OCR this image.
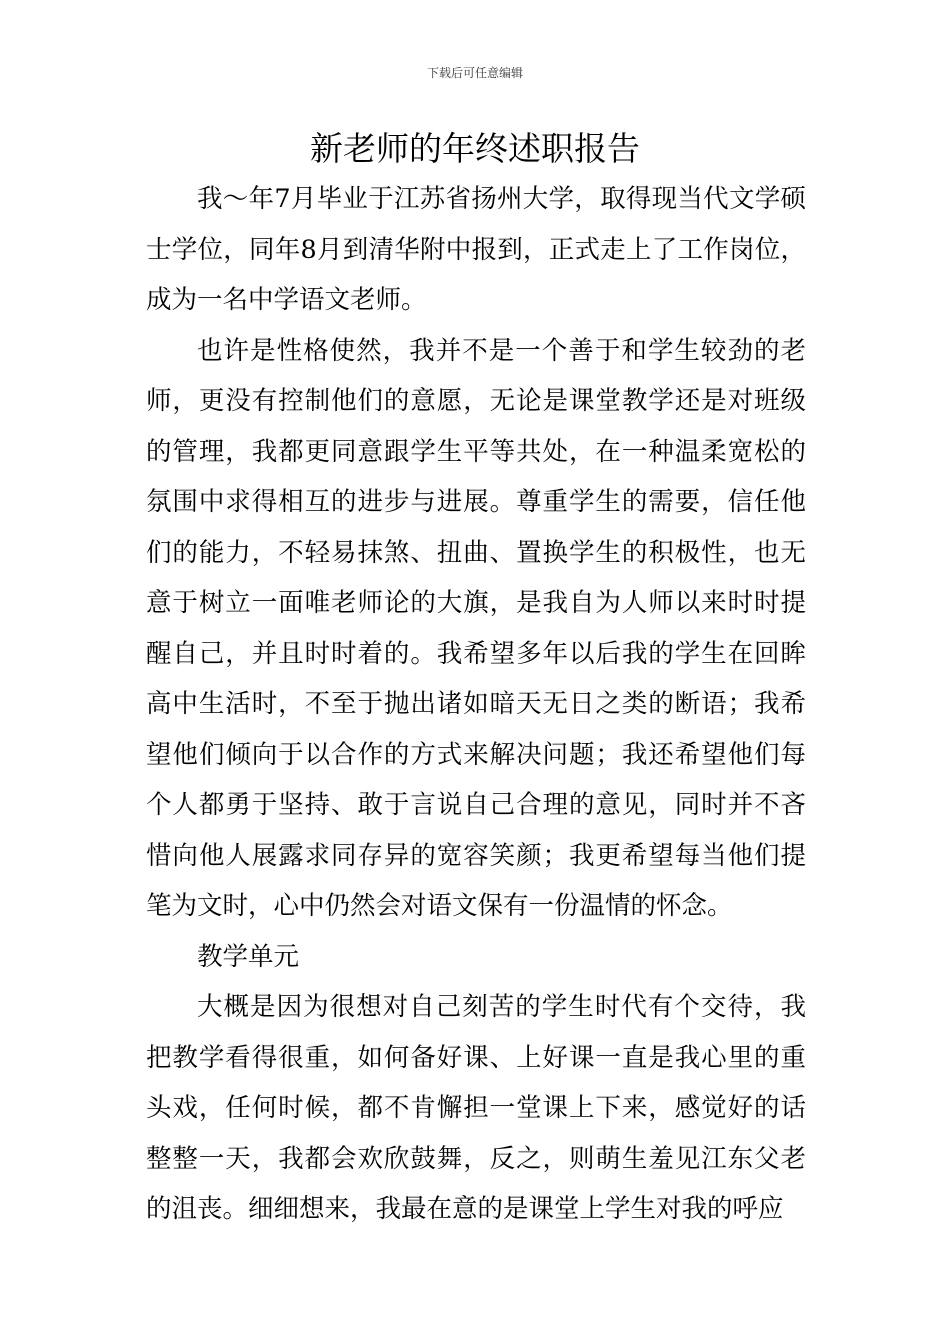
下载后可任意编辑
新老师的年终述职报告

我～年7月毕业于江苏省扬州大学，取得现当代文学硕士学位，同年8月到清华附中报到，正式走上了工作岗位，成为一名中学语文老师。

也许是性格使然，我并不是一个善于和学生较劲的老师，更没有控制他们的意愿，无论是课堂教学还是对班级的管理，我都更同意跟学生平等共处，在一种温柔宽松的氛围中求得相互的进步与进展。尊重学生的需要，信任他们的能力，不轻易抹煞、扭曲、置换学生的积极性，也无意于树立一面唯老师论的大旗，是我自为人师以来时时提醒自己，并且时时着的。我希望多年以后我的学生在回眸高中生活时，不至于抛出诸如暗天无日之类的断语；我希望他们倾向于以合作的方式来解决问题；我还希望他们每个人都勇于坚持、敢于言说自己合理的意见，同时并不吝惜向他人展露求同存异的宽容笑颜；我更希望每当他们提笔为文时，心中仍然会对语文保有一份温情的怀念。

教学单元

大概是因为很想对自己刻苦的学生时代有个交待，我把教学看得很重，如何备好课、上好课一直是我心里的重头戏，任何时候，都不肯懈担一堂课上下来，感觉好的话整整一天，我都会欢欣鼓舞，反之，则萌生羞见江东父老的沮丧。细细想来，我最在意的是课堂上学生对我的呼应
